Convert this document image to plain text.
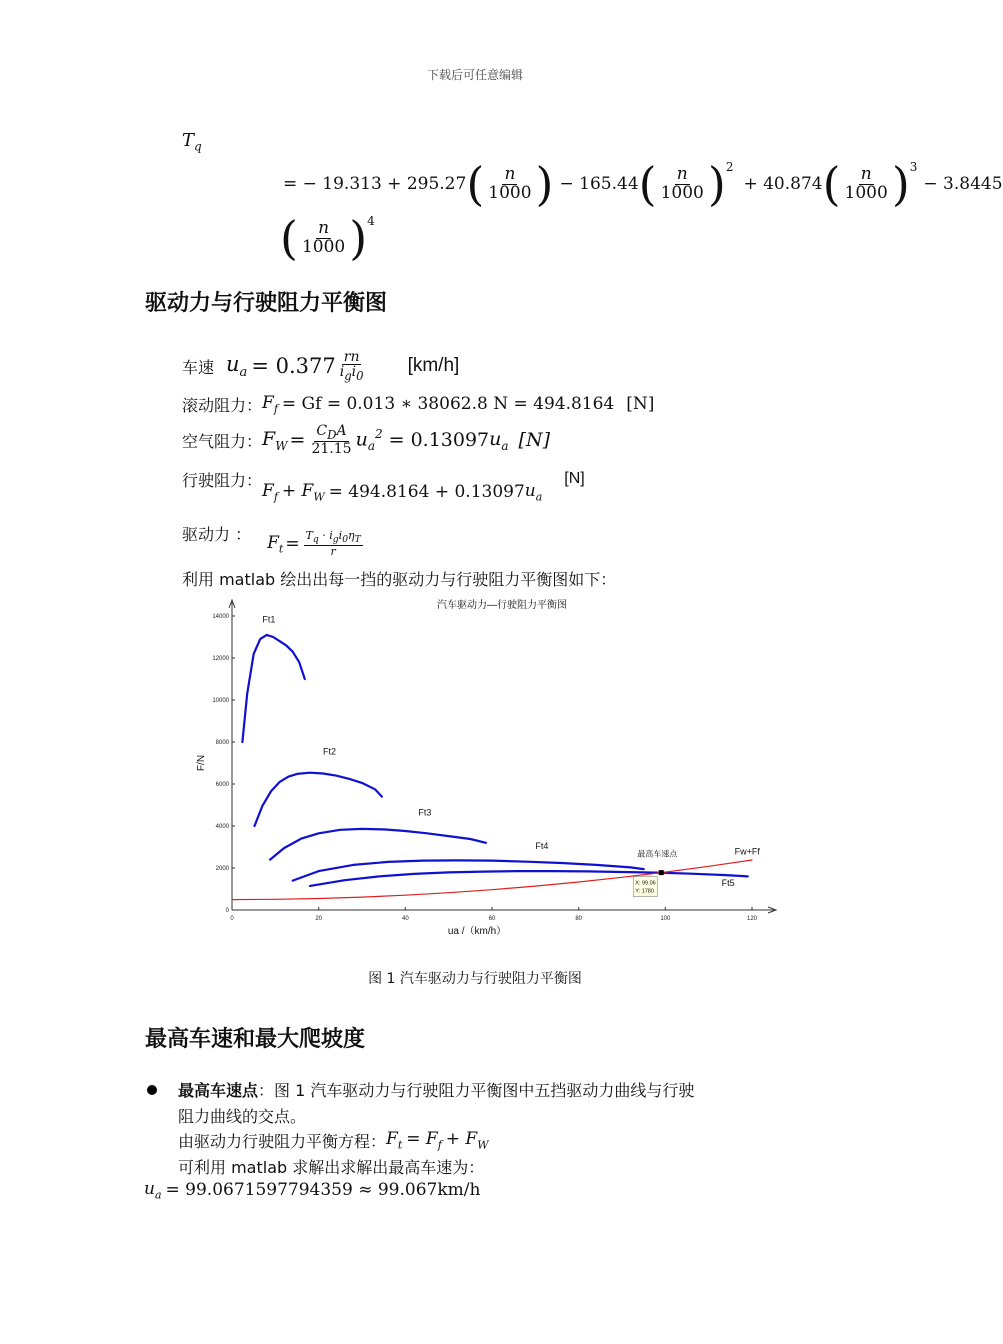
下载后可任意编辑
$T_q$
= − 19.313 + 295.27 ( $\frac{n}{1000}$ ) − 165.44 ( $\frac{n}{1000} )^2$
+ 40.874 ( $\frac{n}{1000} )^3$
− 3.8445
( $\frac{n}{1000} )^4$
驱动力与行驶阻力平衡图
车速 $u_a = 0.377 \frac{rn}{i_gi_0} [km/h]$
滚动阻力： $F_f = Gf = 0.013$ ∗ 38062.8 N = 494.8164 [N]
空气阻力： $F_W = \frac{C_DA}{21.15} u_a^2 = 0.13097$ $u_a$ [N]
行驶阻力：
$F_f + F_W = 494.8164 + 0.13097$ $u_a$
[N]
驱动力 ： $F_t = \frac{T_q \cdot i_gi_0\eta_T}{r}$
利用 matlab 绘出出每一挡的驱动力与行驶阻力平衡图如下：
汽车驱动力—行驶阻力平衡图
0	20	40	60	80	100	120
0
2000
4000
6000
8000
10000
12000
14000	Ft1
Ft2
Ft3
Ft4
Ft5
Fw+Ff
最高车速点
X: 99.06
Y: 1780
F/N
ua /（km/h）
图 1 汽车驱动力与行驶阻力平衡图
最高车速和最大爬坡度
最高车速点：图 1 汽车驱动力与行驶阻力平衡图中五挡驱动力曲线与行驶
阻力曲线的交点。
由驱动力行驶阻力平衡方程： $F_t = F_f + F_W$
可利用 matlab 求解出求解出最高车速为：
$u_a = 99.0671597794359 \approx 99.067km/h$
